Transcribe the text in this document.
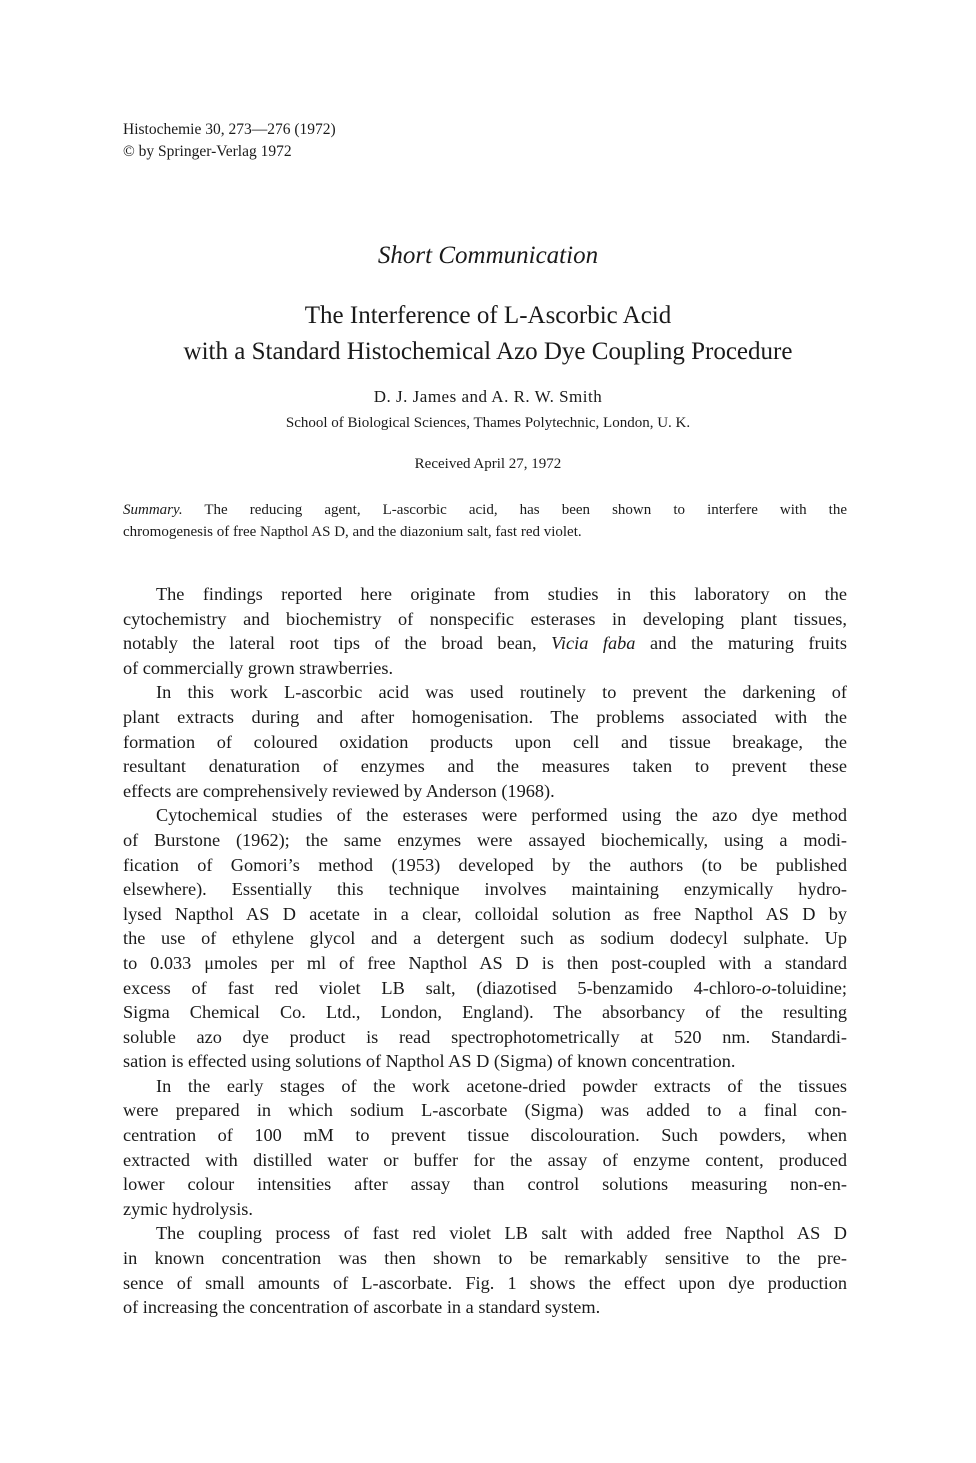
Histochemie 30, 273—276 (1972)
© by Springer-Verlag 1972
Short Communication
The Interference of L-Ascorbic Acid
with a Standard Histochemical Azo Dye Coupling Procedure
D. J. James and A. R. W. Smith
School of Biological Sciences, Thames Polytechnic, London, U. K.
Received April 27, 1972
Summary. The reducing agent, L-ascorbic acid, has been shown to interfere with the
chromogenesis of free Napthol AS D, and the diazonium salt, fast red violet.

The findings reported here originate from studies in this laboratory on the
cytochemistry and biochemistry of nonspecific esterases in developing plant tissues,
notably the lateral root tips of the broad bean, Vicia faba and the maturing fruits
of commercially grown strawberries.

In this work L-ascorbic acid was used routinely to prevent the darkening of
plant extracts during and after homogenisation. The problems associated with the
formation of coloured oxidation products upon cell and tissue breakage, the
resultant denaturation of enzymes and the measures taken to prevent these
effects are comprehensively reviewed by Anderson (1968).

Cytochemical studies of the esterases were performed using the azo dye method
of Burstone (1962); the same enzymes were assayed biochemically, using a modi-
fication of Gomori’s method (1953) developed by the authors (to be published
elsewhere). Essentially this technique involves maintaining enzymically hydro-
lysed Napthol AS D acetate in a clear, colloidal solution as free Napthol AS D by
the use of ethylene glycol and a detergent such as sodium dodecyl sulphate. Up
to 0.033 μmoles per ml of free Napthol AS D is then post-coupled with a standard
excess of fast red violet LB salt, (diazotised 5-benzamido 4-chloro-o-toluidine;
Sigma Chemical Co. Ltd., London, England). The absorbancy of the resulting
soluble azo dye product is read spectrophotometrically at 520 nm. Standardi-
sation is effected using solutions of Napthol AS D (Sigma) of known concentration.

In the early stages of the work acetone-dried powder extracts of the tissues
were prepared in which sodium L-ascorbate (Sigma) was added to a final con-
centration of 100 mM to prevent tissue discolouration. Such powders, when
extracted with distilled water or buffer for the assay of enzyme content, produced
lower colour intensities after assay than control solutions measuring non-en-
zymic hydrolysis.

The coupling process of fast red violet LB salt with added free Napthol AS D
in known concentration was then shown to be remarkably sensitive to the pre-
sence of small amounts of L-ascorbate. Fig. 1 shows the effect upon dye production
of increasing the concentration of ascorbate in a standard system.
